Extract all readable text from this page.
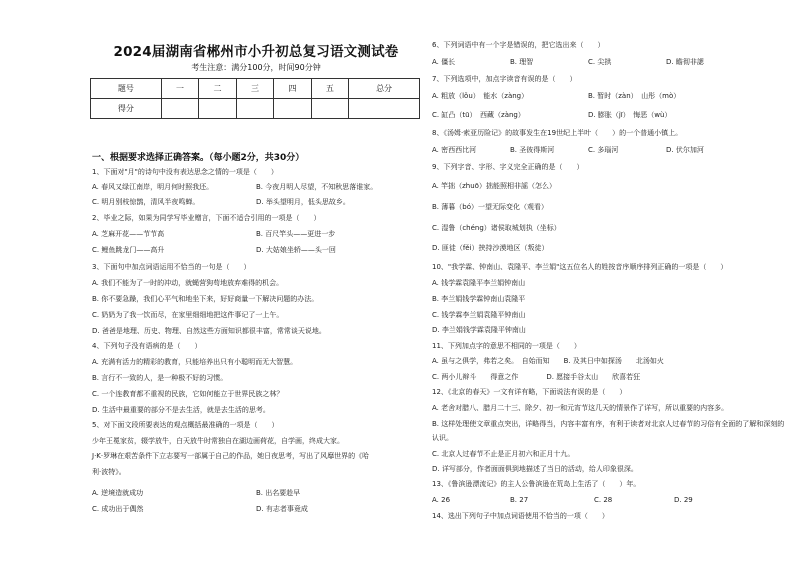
2024届湖南省郴州市小升初总复习语文测试卷
考生注意：满分100分，时间90分钟
题号	一	二	三	四	五	总分
得分						
一、根据要求选择正确答案。（每小题2分，共30分）
1、下面对"月"的诗句中没有表达思念之情的一项是（　　）
A. 春风又绿江南岸，明月何时照我还。	B. 今夜月明人尽望，不知秋思落谁家。
C. 明月别枝惊鹊，清风半夜鸣蝉。	D. 举头望明月，低头思故乡。
2、毕业之际，如果为同学写毕业赠言，下面不适合引用的一项是（　　）
A. 芝麻开花——节节高	B. 百尺竿头——更进一步
C. 鲤鱼跳龙门——高升	D. 大姑娘坐轿——头一回
3、下面句中加点词语运用不恰当的一句是（　　）
A. 我们不能为了一时的冲动，就蝇营狗苟地放弃难得的机会。
B. 你不要急躁，我们心平气和地坐下来，好好商量一下解决问题的办法。
C. 奶奶为了我一饮而尽，在家里细细地把这件事记了一上午。
D. 爸爸是地理、历史、物理、自然这些方面知识都很丰富，常常谈天说地。
4、下列句子没有语病的是（　　）
A. 充满有活力的精彩的教育，只能培养出只有小聪明而无大智慧。
B. 言行不一致的人，是一种极不好的习惯。
C. 一个连教育都不重视的民族，它如何能立于世界民族之林？
D. 生活中最重要的部分不是去生活，就是去生活的思考。
5、对下面文段所要表达的观点概括最准确的一项是（　　）
少年王冕家贫，辍学放牛，白天放牛时常独自在湖边画荷花，自学画，终成大家。
J·K·罗琳在艰苦条件下立志要写一部属于自己的作品，她日夜思考，写出了风靡世界的《哈
利·波特》。
A. 逆境造就成功	B. 出名要趁早
C. 成功出于偶然	D. 有志者事竟成
6、下列词语中有一个字是错误的，把它选出来（　　）
A. 僵长	B. 理智	C. 尖拱	D. 瞻彻非諰
7、下列选项中，加点字读音有误的是（　　）
A. 粗放（lǒu）　能水（zàng）	B. 暂时（zàn）　山彤（mò）
C. 缸凸（tū）　西藏（zàng）	D. 膨胀（jī）　悔恶（wù）
8、《汤姆·索亚历险记》的故事发生在19世纪上半叶（　　）的一个普通小镇上。
A. 密西西比河	B. 圣彼得斯河	C. 多瑙河	D. 伏尔加河
9、下列字音、字形、字义完全正确的是（　　）
A. 竿拙（zhuō）拙能照相非謡（怎么）
B. 薄暮（bó）一望无际变化（观看）
C. 湿鲁（chéng）诸侯取城划执（坐标）
D. 匪徒（fěi）挟持沙漠地区（叛徒）
10、"我学霖、钟南山、袁隆平、李兰娟"这五位名人的姓按音序顺序排列正确的一项是（　　）
A. 钱学霖袁隆平李兰娟钟南山
B. 李兰娟钱学霖钟南山袁隆平
C. 钱学霖李兰娟袁隆平钟南山
D. 李兰娟钱学霖袁隆平钟南山
11、下列加点字的意思不相同的一项是（　　）
A. 虽与之俱学，弗若之矣。　自始而知　　B. 及其日中如探汤　　北汤如火
C. 两小儿辩斗　　得意之作　　　　D. 愿接手谷太山　　欣喜若狂
12、《北京的春天》一文有详有略，下面说法有误的是（　　）
A. 老舍对腊八、腊月二十三、除夕、初一和元宵节这几天的情景作了详写，所以重要的内容多。
B. 这样处理使文章重点突出，详略得当，内容丰富有序，有利于读者对北京人过春节的习俗有全面的了解和深刻的
认识。
C. 北京人过春节不止是正月初六和正月十九。
D. 详写部分，作者面面俱到地描述了当日的活动，给人印象很深。
13、《鲁滨逊漂流记》的主人公鲁滨逊在荒岛上生活了（　　）年。
A. 26	B. 27	C. 28	D. 29
14、选出下列句子中加点词语使用不恰当的一项（　　）
